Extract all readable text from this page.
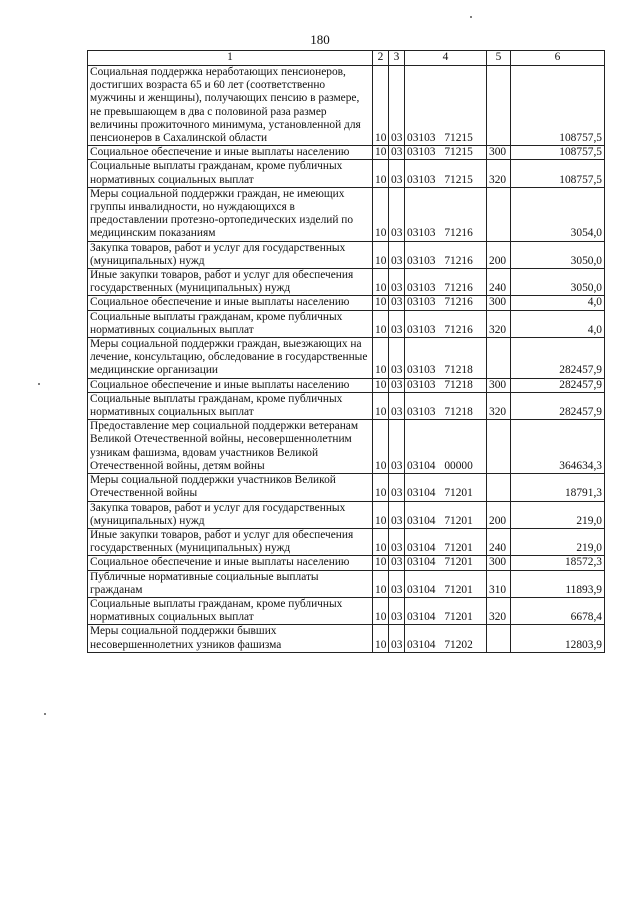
180
1	2	3	4	5	6
Социальная поддержка неработающих пенсионеров, достигших возраста 65 и 60 лет (соответственно мужчины и женщины), получающих пенсию в размере, не превышающем в два с половиной раза размер величины прожиточного минимума, установленной для пенсионеров в Сахалинской области	10	03	03103 71215		108757,5
Социальное обеспечение и иные выплаты населению	10	03	03103 71215	300	108757,5
Социальные выплаты гражданам, кроме публичных нормативных социальных выплат	10	03	03103 71215	320	108757,5
Меры социальной поддержки граждан, не имеющих группы инвалидности, но нуждающихся в предоставлении протезно-ортопедических изделий по медицинским показаниям	10	03	03103 71216		3054,0
Закупка товаров, работ и услуг для государственных (муниципальных) нужд	10	03	03103 71216	200	3050,0
Иные закупки товаров, работ и услуг для обеспечения государственных (муниципальных) нужд	10	03	03103 71216	240	3050,0
Социальное обеспечение и иные выплаты населению	10	03	03103 71216	300	4,0
Социальные выплаты гражданам, кроме публичных нормативных социальных выплат	10	03	03103 71216	320	4,0
Меры социальной поддержки граждан, выезжающих на лечение, консультацию, обследование в государственные медицинские организации	10	03	03103 71218		282457,9
Социальное обеспечение и иные выплаты населению	10	03	03103 71218	300	282457,9
Социальные выплаты гражданам, кроме публичных нормативных социальных выплат	10	03	03103 71218	320	282457,9
Предоставление мер социальной поддержки ветеранам Великой Отечественной войны, несовершеннолетним узникам фашизма, вдовам участников Великой Отечественной войны, детям войны	10	03	03104 00000		364634,3
Меры социальной поддержки участников Великой Отечественной войны	10	03	03104 71201		18791,3
Закупка товаров, работ и услуг для государственных (муниципальных) нужд	10	03	03104 71201	200	219,0
Иные закупки товаров, работ и услуг для обеспечения государственных (муниципальных) нужд	10	03	03104 71201	240	219,0
Социальное обеспечение и иные выплаты населению	10	03	03104 71201	300	18572,3
Публичные нормативные социальные выплаты гражданам	10	03	03104 71201	310	11893,9
Социальные выплаты гражданам, кроме публичных нормативных социальных выплат	10	03	03104 71201	320	6678,4
Меры социальной поддержки бывших несовершеннолетних узников фашизма	10	03	03104 71202		12803,9
